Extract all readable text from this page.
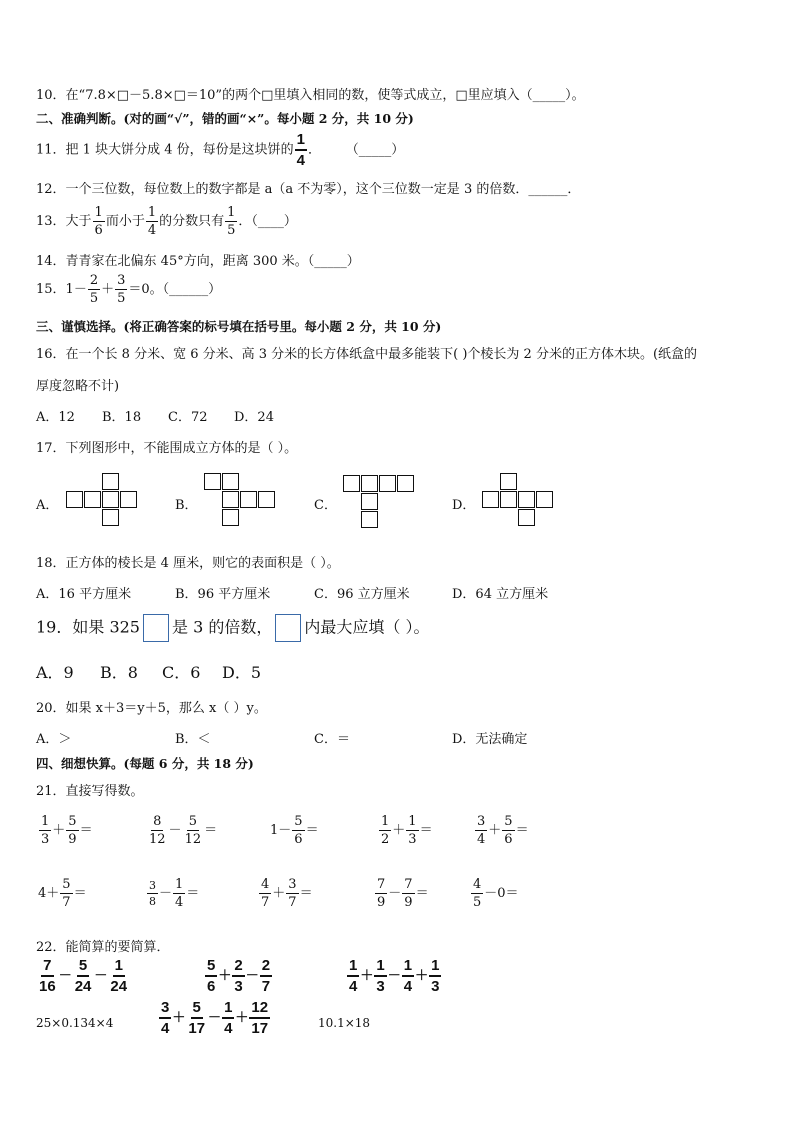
10．在“7.8×□－5.8×□＝10”的两个□里填入相同的数，使等式成立，□里应填入（_____）。
二、准确判断。(对的画“√”，错的画“×”。每小题 2 分，共 10 分)
11．把 1 块大饼分成 4 份，每份是这块饼的 $\frac{1}{4}$ ．      （_____）
12．一个三位数，每位数上的数字都是 a（a 不为零），这个三位数一定是 3 的倍数．______．
13．大于 $\frac{1}{6}$ 而小于 $\frac{1}{4}$ 的分数只有 $\frac{1}{5}$ ．（____）
14．青青家在北偏东 45°方向，距离 300 米。（_____）
15．$1- \frac{2}{5} + \frac{3}{5} =0$。（______）
三、谨慎选择。(将正确答案的标号填在括号里。每小题 2 分，共 10 分)
16．在一个长 8 分米、宽 6 分米、高 3 分米的长方体纸盒中最多能装下( )个棱长为 2 分米的正方体木块。(纸盒的
厚度忽略不计)
A．12 B．18 C．72 D．24
17．下列图形中，不能围成立方体的是（ ）。
A．	B．	C．	D．
18．正方体的棱长是 4 厘米，则它的表面积是（ ）。
A．16 平方厘米	B．96 平方厘米	C．96 立方厘米	D．64 立方厘米
19．如果 325 是 3 的倍数， 内最大应填（ ）。
A．9 B．8 C．6 D．5
20．如果 x＋3＝y＋5，那么 x（ ）y。
A．＞	B．＜	C．＝	D．无法确定
四、细想快算。(每题 6 分，共 18 分)
21．直接写得数。
$\frac{1}{3} + \frac{5}{9}$ ＝	$\frac{8}{12} - \frac{5}{12}$ ＝	$1- \frac{5}{6}$ ＝	$\frac{1}{2} + \frac{1}{3}$ ＝	$\frac{3}{4} + \frac{5}{6}$ ＝
$4+ \frac{5}{7}$ ＝	$\frac{3}{8} - \frac{1}{4}$ ＝	$\frac{4}{7} + \frac{3}{7}$ ＝	$\frac{7}{9} - \frac{7}{9}$ ＝	$\frac{4}{5} -0=$
22．能简算的要简算．
$\frac{7}{16} - \frac{5}{24} - \frac{1}{24}$	$\frac{5}{6} + \frac{2}{3} - \frac{2}{7}$	$\frac{1}{4} + \frac{1}{3} - \frac{1}{4} + \frac{1}{3}$
25×0.134×4	$\frac{3}{4} + \frac{5}{17} - \frac{1}{4} + \frac{12}{17}$	10.1×18
